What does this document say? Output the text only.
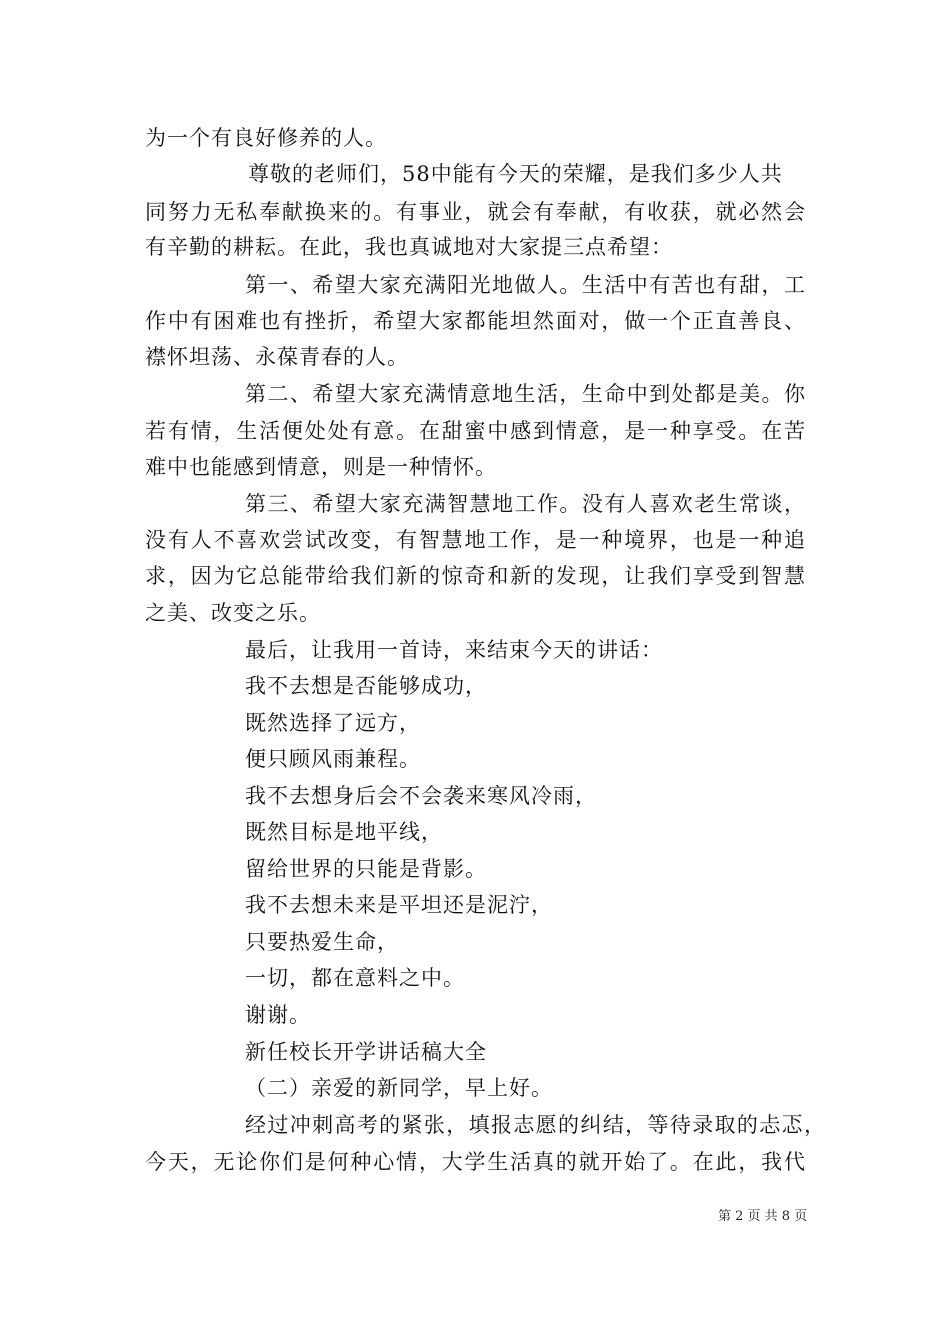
为一个有良好修养的人。
尊敬的老师们，58中能有今天的荣耀，是我们多少人共
同努力无私奉献换来的。有事业，就会有奉献，有收获，就必然会
有辛勤的耕耘。在此，我也真诚地对大家提三点希望：
第一、希望大家充满阳光地做人。生活中有苦也有甜，工
作中有困难也有挫折，希望大家都能坦然面对，做一个正直善良、
襟怀坦荡、永葆青春的人。
第二、希望大家充满情意地生活，生命中到处都是美。你
若有情，生活便处处有意。在甜蜜中感到情意，是一种享受。在苦
难中也能感到情意，则是一种情怀。
第三、希望大家充满智慧地工作。没有人喜欢老生常谈，
没有人不喜欢尝试改变，有智慧地工作，是一种境界，也是一种追
求，因为它总能带给我们新的惊奇和新的发现，让我们享受到智慧
之美、改变之乐。
最后，让我用一首诗，来结束今天的讲话：
我不去想是否能够成功，
既然选择了远方，
便只顾风雨兼程。
我不去想身后会不会袭来寒风冷雨，
既然目标是地平线，
留给世界的只能是背影。
我不去想未来是平坦还是泥泞，
只要热爱生命，
一切，都在意料之中。
谢谢。
新任校长开学讲话稿大全
（二）亲爱的新同学，早上好。
经过冲刺高考的紧张，填报志愿的纠结，等待录取的忐忑，
今天，无论你们是何种心情，大学生活真的就开始了。在此，我代
第 2 页 共 8 页
